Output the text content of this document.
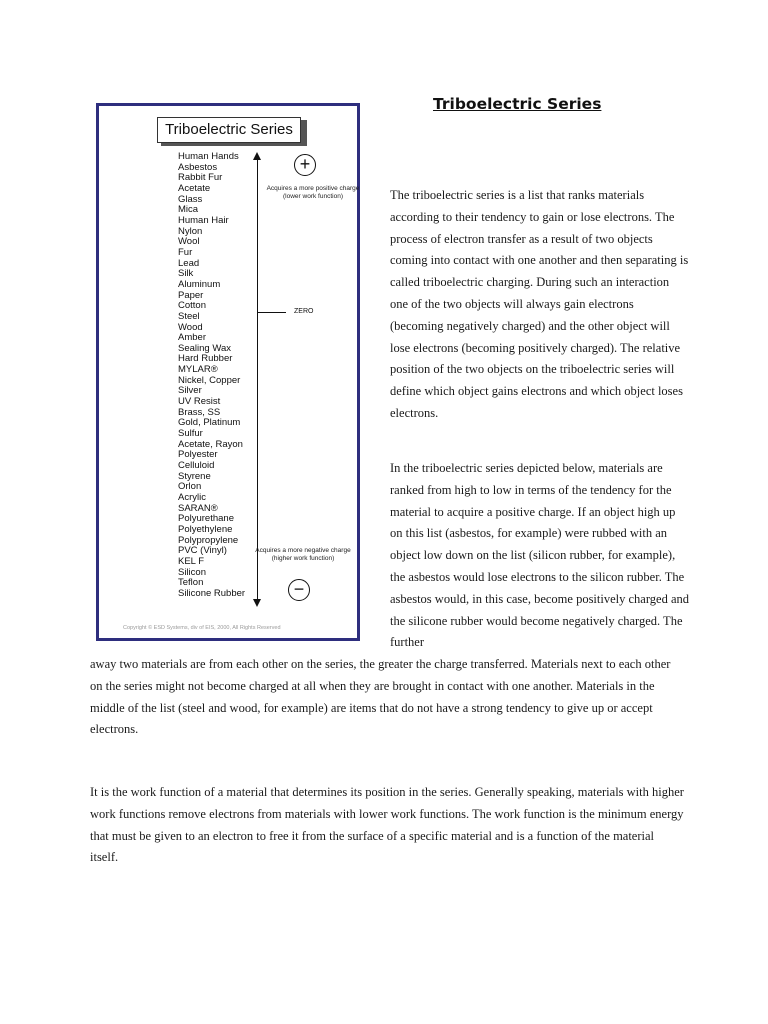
Triboelectric Series
Human Hands
Asbestos
Rabbit Fur
Acetate
Glass
Mica
Human Hair
Nylon
Wool
Fur
Lead
Silk
Aluminum
Paper
Cotton
Steel
Wood
Amber
Sealing Wax
Hard Rubber
MYLAR®
Nickel, Copper
Silver
UV Resist
Brass, SS
Gold, Platinum
Sulfur
Acetate, Rayon
Polyester
Celluloid
Styrene
Orlon
Acrylic
SARAN®
Polyurethane
Polyethylene
Polypropylene
PVC (Vinyl)
KEL F
Silicon
Teflon
Silicone Rubber
+
Acquires a more positive charge (lower work function)
ZERO
Acquires a more negative charge (higher work function)
−
Copyright © ESD Systems, div of EIS, 2000, All Rights Reserved
Triboelectric Series

The triboelectric series is a list that ranks materials according to their tendency to gain or lose electrons. The process of electron transfer as a result of two objects coming into contact with one another and then separating is called triboelectric charging. During such an interaction one of the two objects will always gain electrons (becoming negatively charged) and the other object will lose electrons (becoming positively charged). The relative position of the two objects on the triboelectric series will define which object gains electrons and which object loses electrons.

In the triboelectric series depicted below, materials are ranked from high to low in terms of the tendency for the material to acquire a positive charge. If an object high up on this list (asbestos, for example) were rubbed with an object low down on the list (silicon rubber, for example), the asbestos would lose electrons to the silicon rubber. The asbestos would, in this case, become positively charged and the silicone rubber would become negatively charged. The further

away two materials are from each other on the series, the greater the charge transferred. Materials next to each other on the series might not become charged at all when they are brought in contact with one another. Materials in the middle of the list (steel and wood, for example) are items that do not have a strong tendency to give up or accept electrons.

It is the work function of a material that determines its position in the series. Generally speaking, materials with higher work functions remove electrons from materials with lower work functions. The work function is the minimum energy that must be given to an electron to free it from the surface of a specific material and is a function of the material itself.
